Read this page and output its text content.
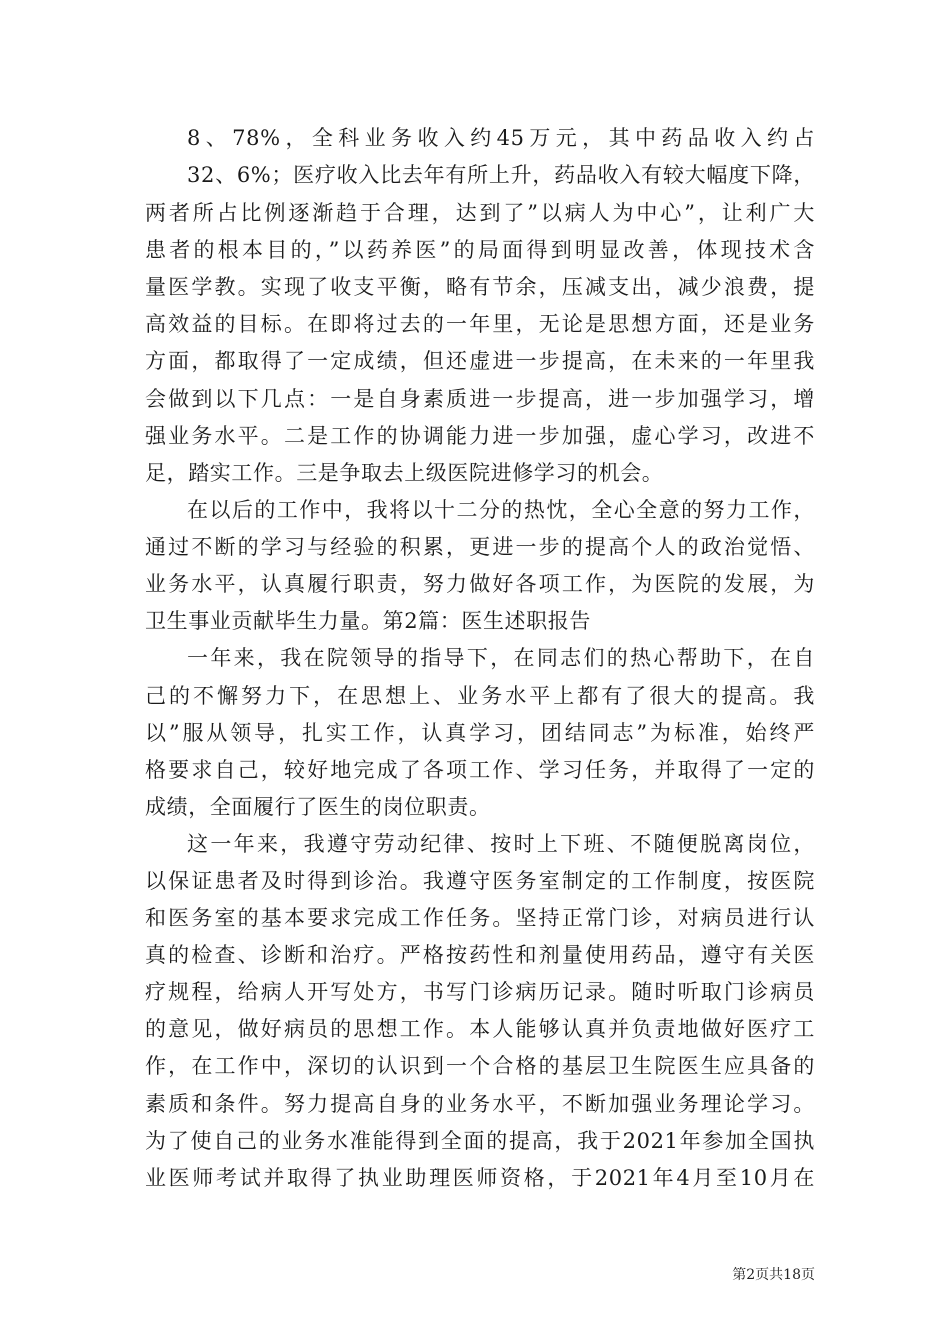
8、78%，全科业务收入约45万元，其中药品收入约占
32、6%；医疗收入比去年有所上升，药品收入有较大幅度下降，
两者所占比例逐渐趋于合理，达到了”以病人为中心”，让利广大
患者的根本目的，”以药养医”的局面得到明显改善，体现技术含
量医学教。实现了收支平衡，略有节余，压减支出，减少浪费，提
高效益的目标。在即将过去的一年里，无论是思想方面，还是业务
方面，都取得了一定成绩，但还虚进一步提高，在未来的一年里我
会做到以下几点：一是自身素质进一步提高，进一步加强学习，增
强业务水平。二是工作的协调能力进一步加强，虚心学习，改进不
足，踏实工作。三是争取去上级医院进修学习的机会。
在以后的工作中，我将以十二分的热忱，全心全意的努力工作，
通过不断的学习与经验的积累，更进一步的提高个人的政治觉悟、
业务水平，认真履行职责，努力做好各项工作，为医院的发展，为
卫生事业贡献毕生力量。第2篇：医生述职报告
一年来，我在院领导的指导下，在同志们的热心帮助下，在自
己的不懈努力下，在思想上、业务水平上都有了很大的提高。我
以”服从领导，扎实工作，认真学习，团结同志”为标准，始终严
格要求自己，较好地完成了各项工作、学习任务，并取得了一定的
成绩，全面履行了医生的岗位职责。
这一年来，我遵守劳动纪律、按时上下班、不随便脱离岗位，
以保证患者及时得到诊治。我遵守医务室制定的工作制度，按医院
和医务室的基本要求完成工作任务。坚持正常门诊，对病员进行认
真的检查、诊断和治疗。严格按药性和剂量使用药品，遵守有关医
疗规程，给病人开写处方，书写门诊病历记录。随时听取门诊病员
的意见，做好病员的思想工作。本人能够认真并负责地做好医疗工
作，在工作中，深切的认识到一个合格的基层卫生院医生应具备的
素质和条件。努力提高自身的业务水平，不断加强业务理论学习。
为了使自己的业务水准能得到全面的提高，我于2021年参加全国执
业医师考试并取得了执业助理医师资格，于2021年4月至10月在
第2页共18页
